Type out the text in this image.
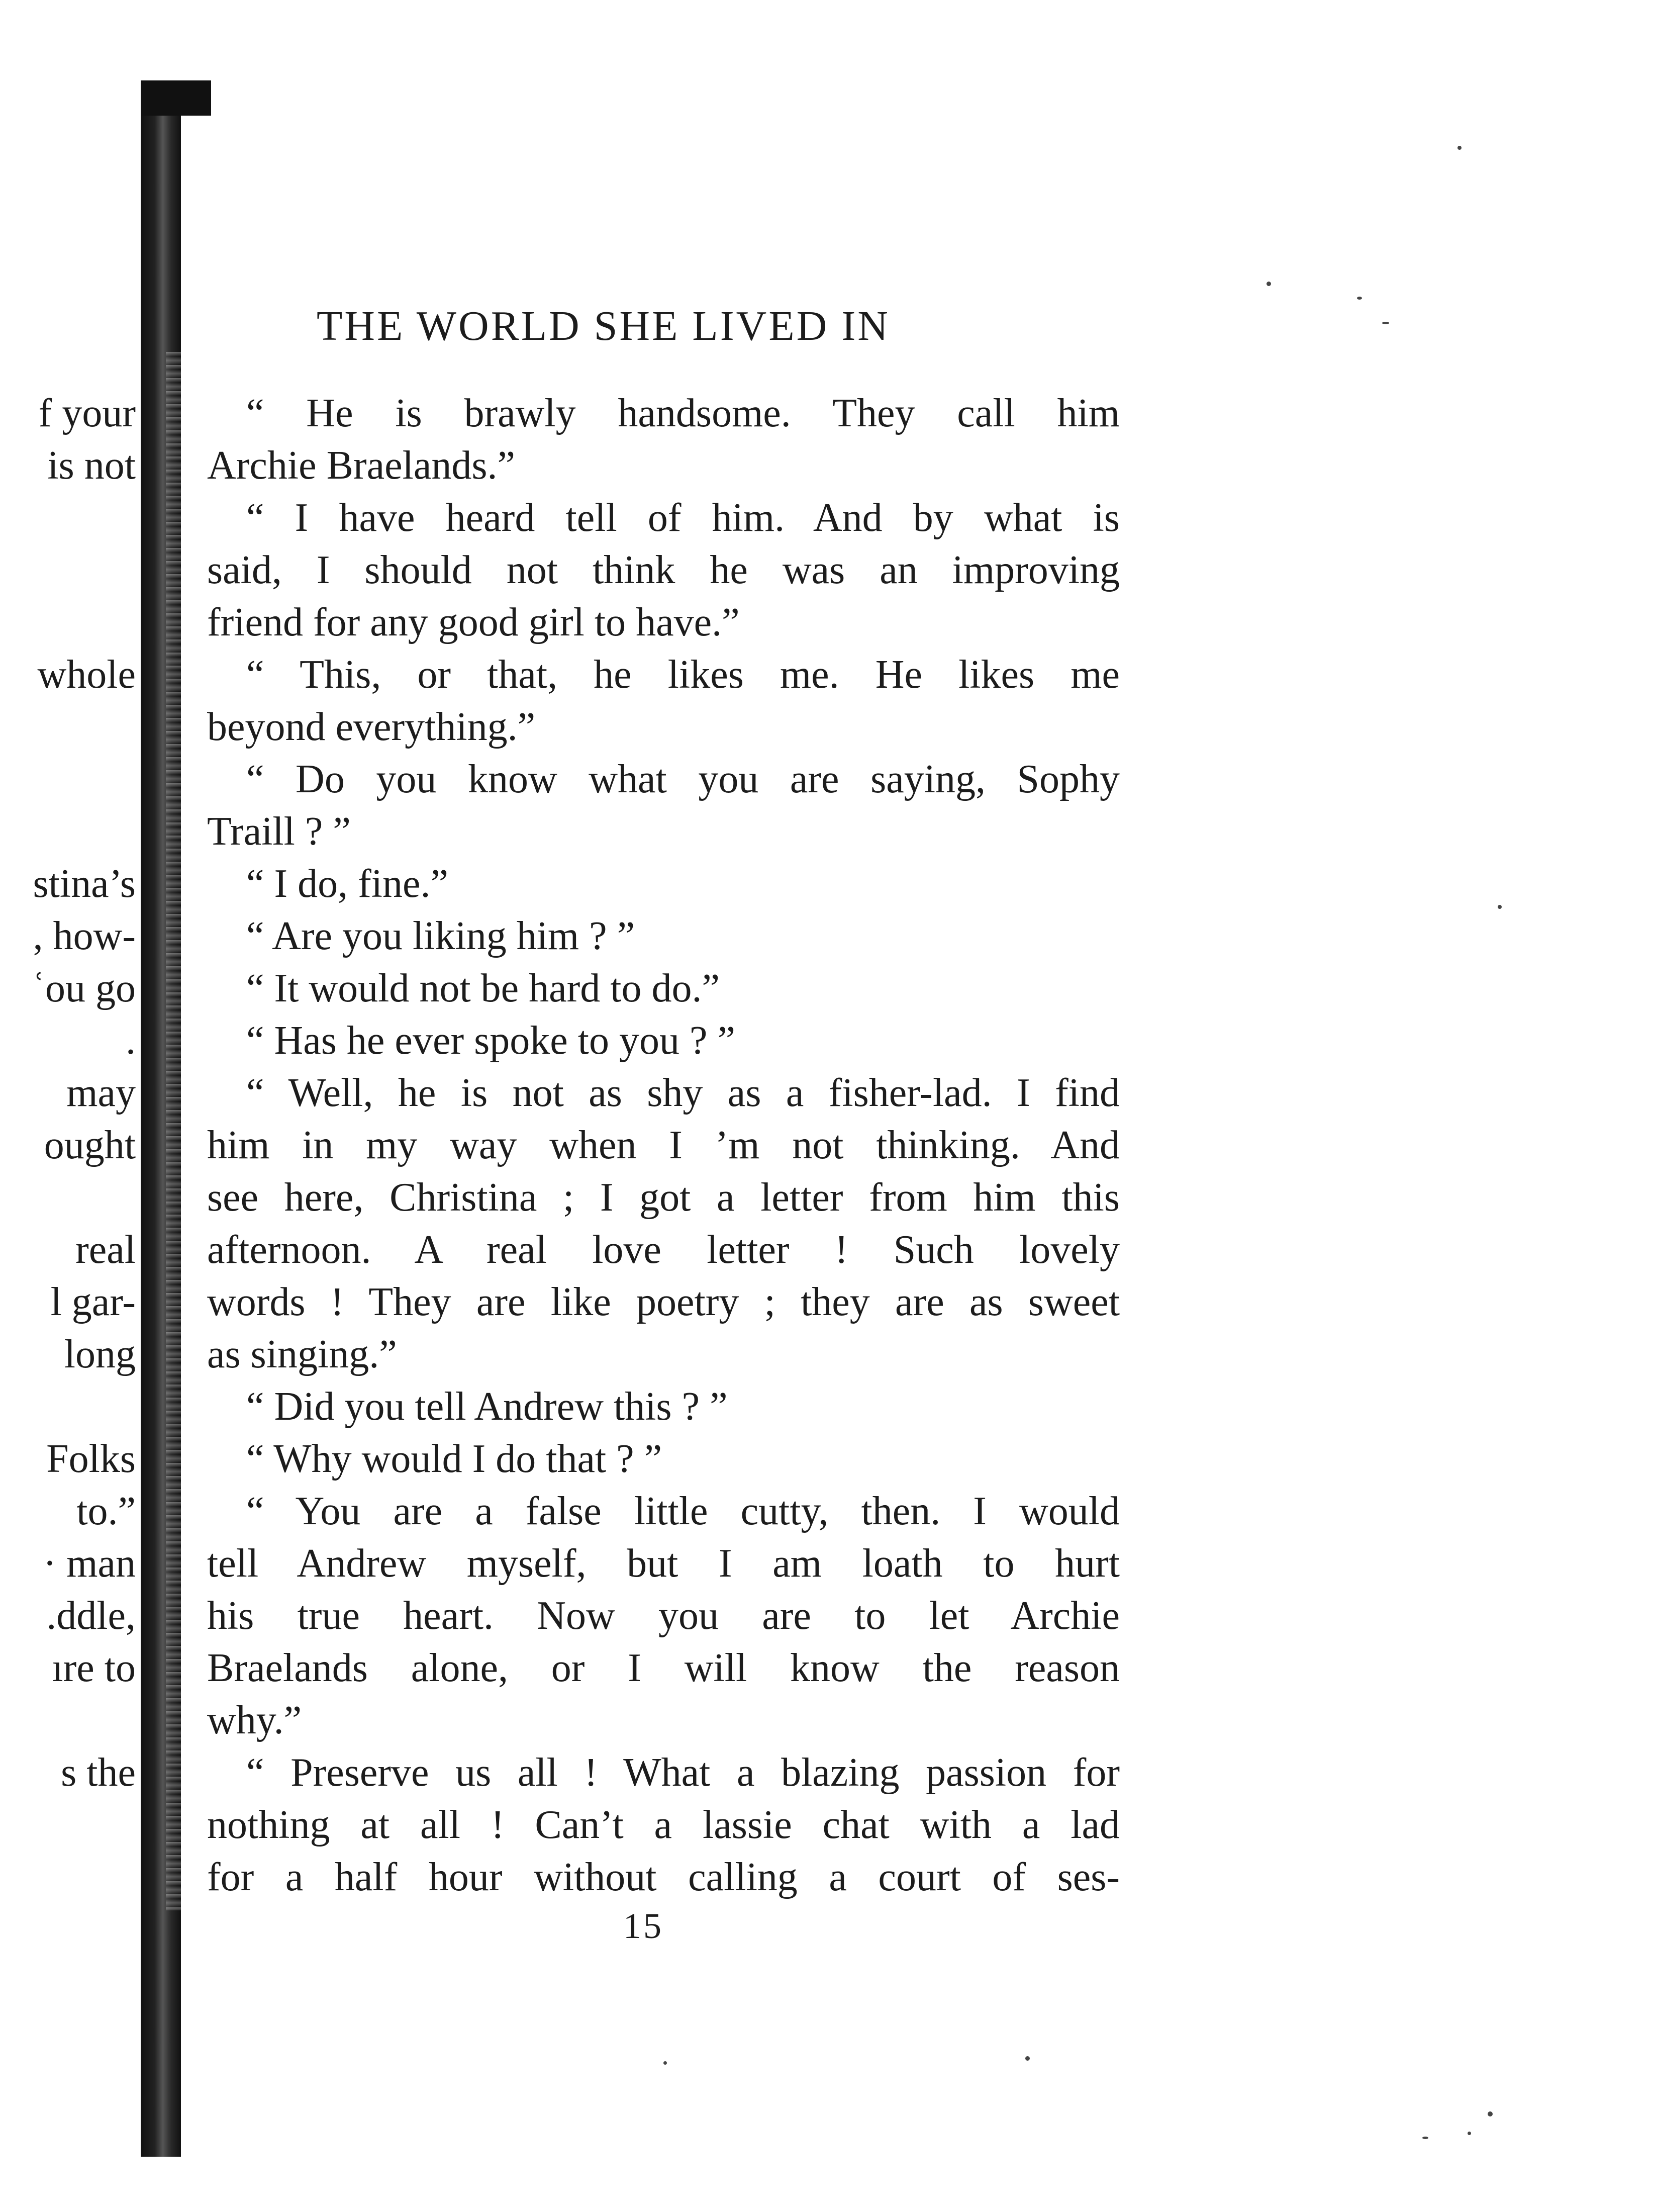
THE WORLD SHE LIVED IN
f your
is not
whole
stina’s
, how-
ʿou go
.
may
ought
real
l gar-
long
Folks
to.”
· man
.ddle,
ıre to
s the
“ He is brawly handsome. They call him
Archie Braelands.”
“ I have heard tell of him. And by what is
said, I should not think he was an improving
friend for any good girl to have.”
“ This, or that, he likes me. He likes me
beyond everything.”
“ Do you know what you are saying, Sophy
Traill ? ”
“ I do, fine.”
“ Are you liking him ? ”
“ It would not be hard to do.”
“ Has he ever spoke to you ? ”
“ Well, he is not as shy as a fisher-lad. I find
him in my way when I ’m not thinking. And
see here, Christina ; I got a letter from him this
afternoon. A real love letter ! Such lovely
words ! They are like poetry ; they are as sweet
as singing.”
“ Did you tell Andrew this ? ”
“ Why would I do that ? ”
“ You are a false little cutty, then. I would
tell Andrew myself, but I am loath to hurt
his true heart. Now you are to let Archie
Braelands alone, or I will know the reason
why.”
“ Preserve us all ! What a blazing passion for
nothing at all ! Can’t a lassie chat with a lad
for a half hour without calling a court of ses-
15
